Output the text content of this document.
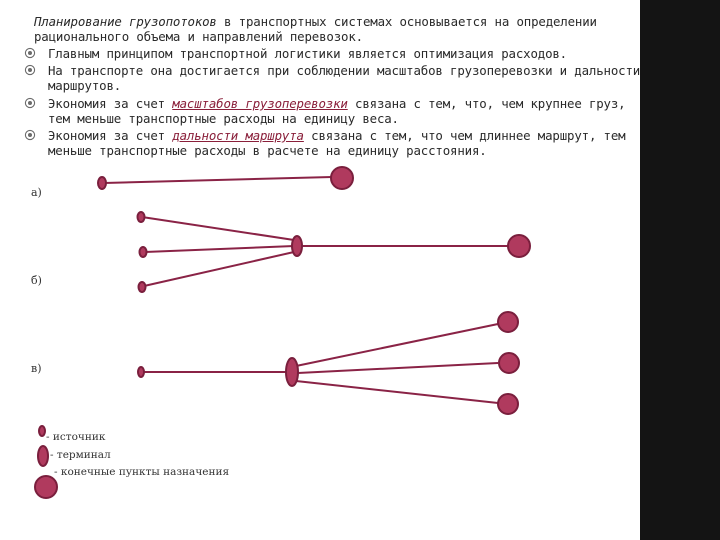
Планирование грузопотоков в транспортных системах основывается на определении рационального объема и направлений перевозок.

Главным принципом транспортной логистики является оптимизация расходов.
На транспорте она достигается при соблюдении масштабов грузоперевозки и дальности маршрутов.
Экономия за счет масштабов грузоперевозки связана с тем, что, чем крупнее груз, тем меньше транспортные расходы на единицу веса.
Экономия за счет дальности маршрута связана с тем, что чем длиннее маршрут, тем меньше транспортные расходы в расчете на единицу расстояния.
а)
б)
в)
- источник
- терминал
- конечные пункты назначения
